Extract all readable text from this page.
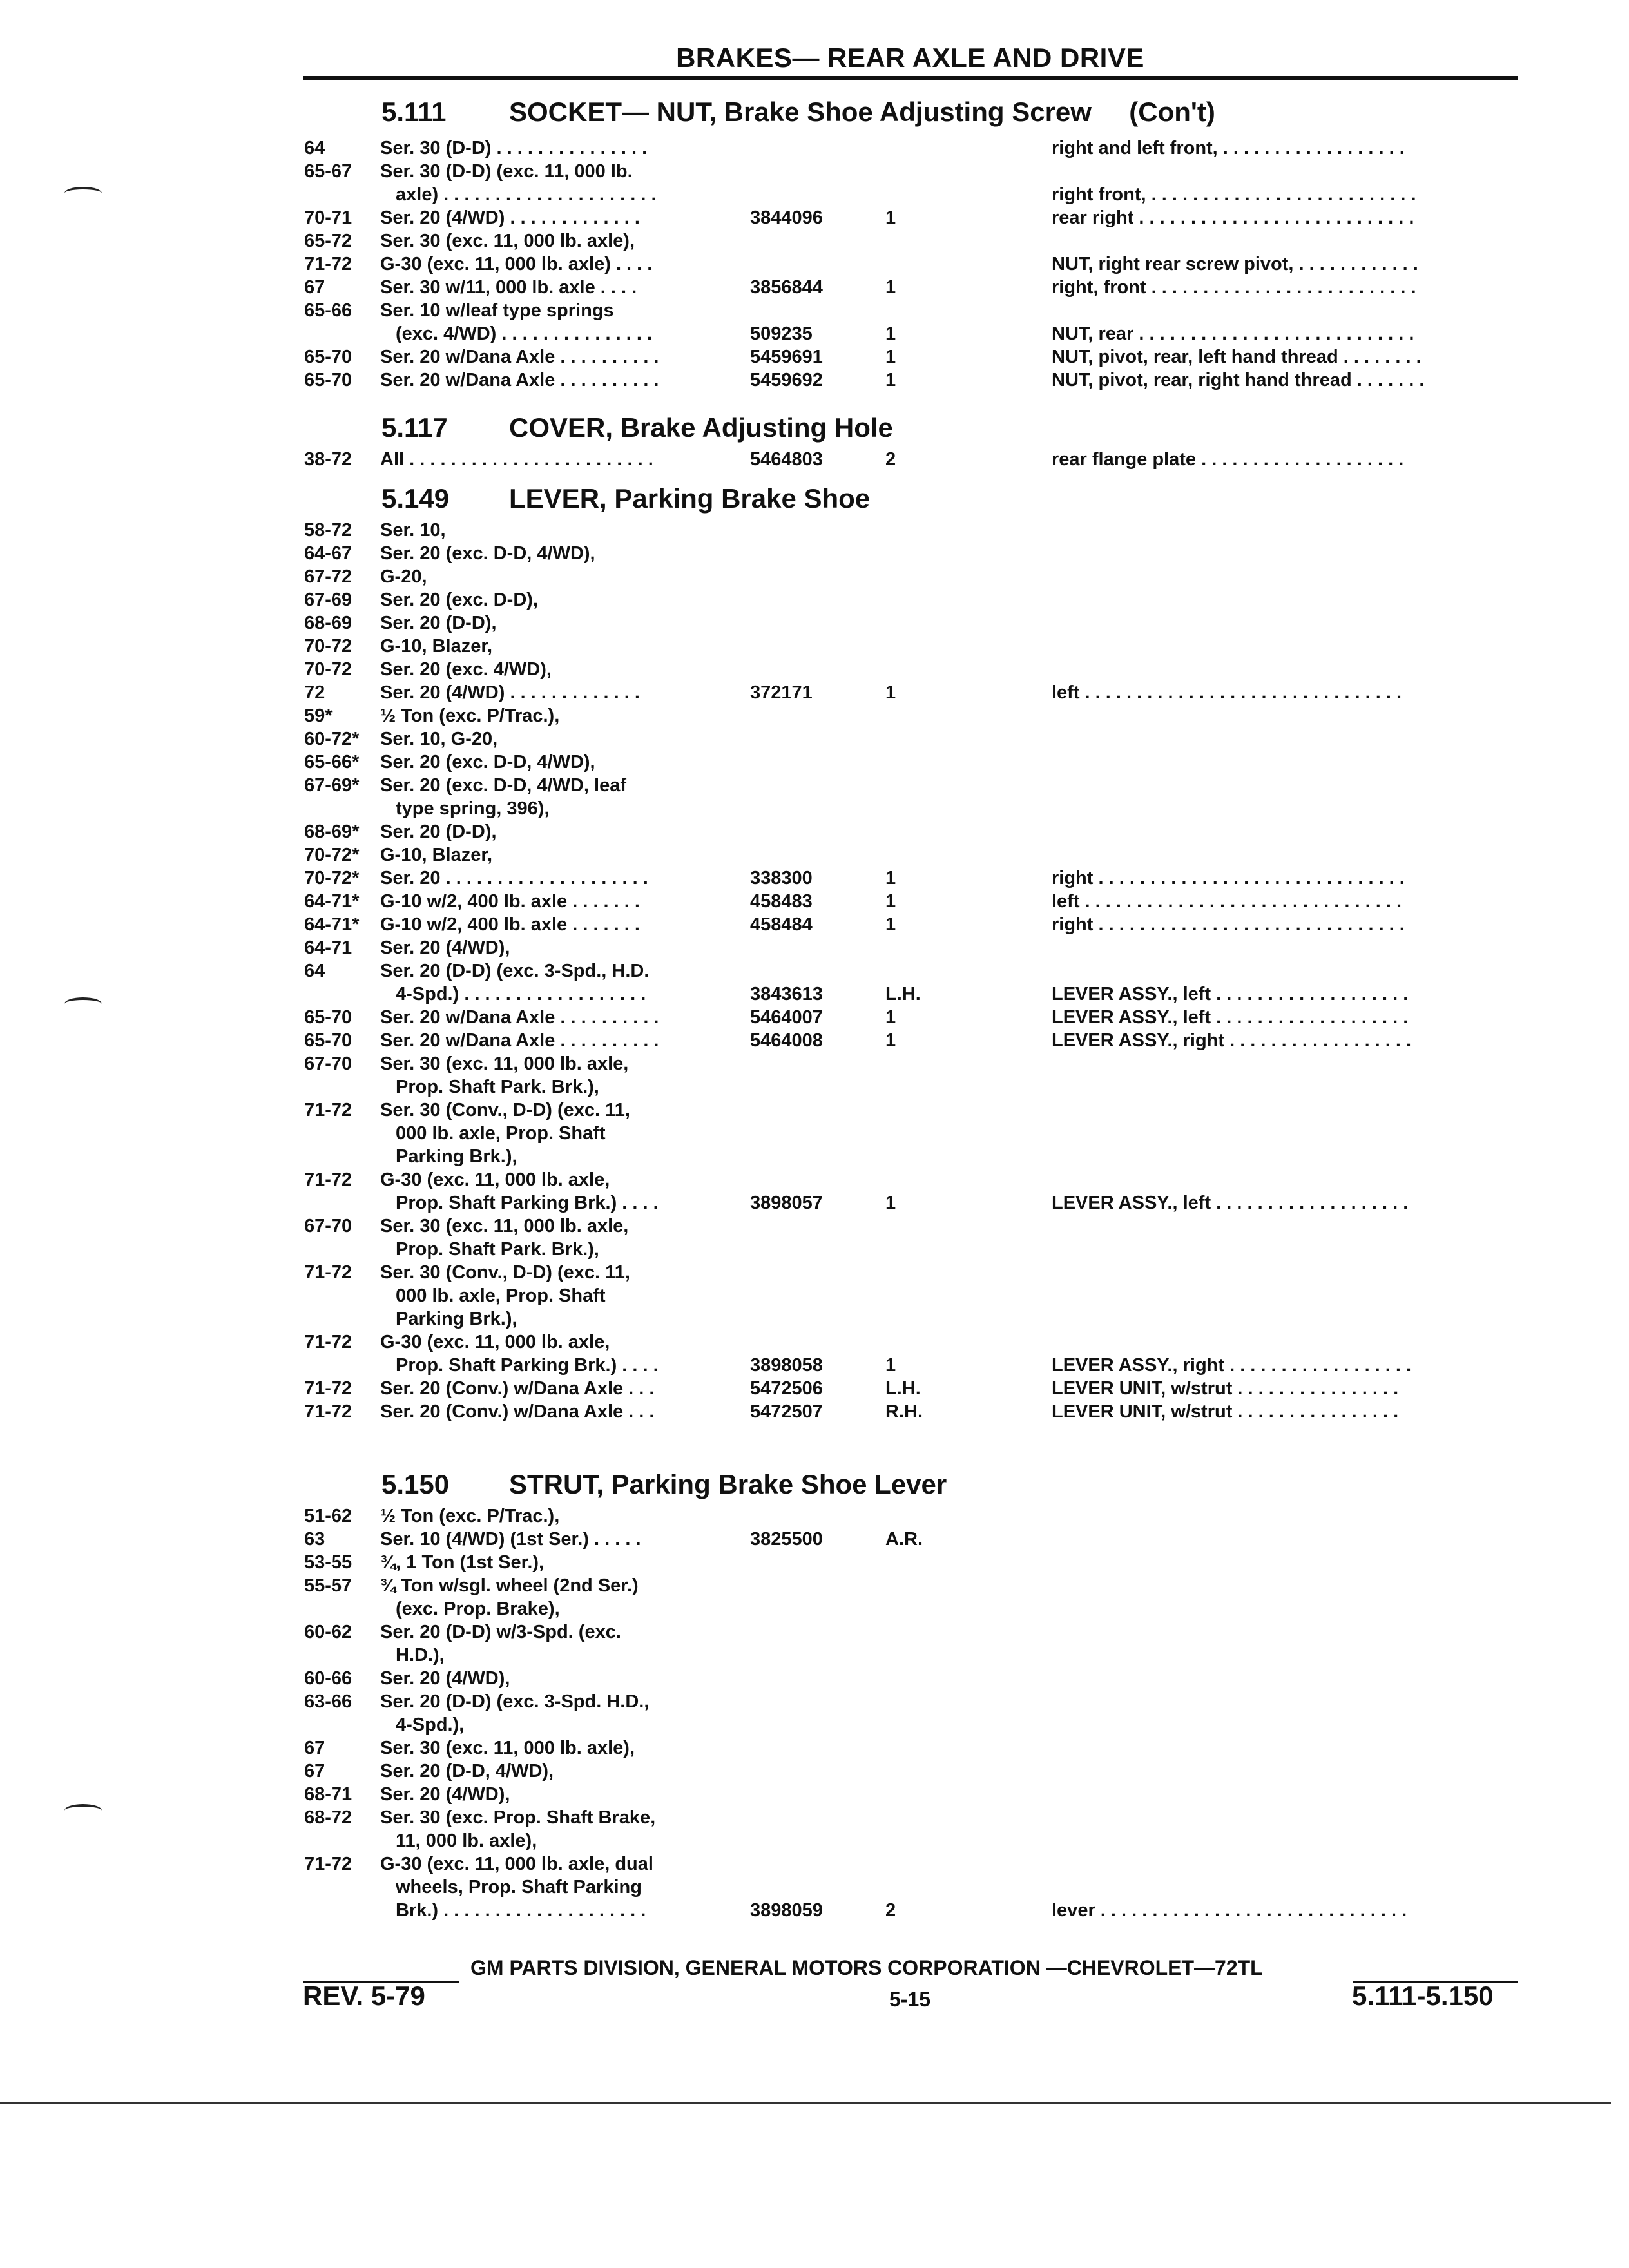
BRAKES— REAR AXLE AND DRIVE
5.111 SOCKET— NUT, Brake Shoe Adjusting Screw     (Con't)
5.117 COVER, Brake Adjusting Hole
5.149 LEVER, Parking Brake Shoe
5.150 STRUT, Parking Brake Shoe Lever
64	Ser. 30 (D-D) . . . . . . . . . . . . . . .	right and left front, . . . . . . . . . . . . . . . . . .
65-67 Ser. 30 (D-D) (exc. 11, 000 lb.
axle) . . . . . . . . . . . . . . . . . . . . .	right front, . . . . . . . . . . . . . . . . . . . . . . . . . .
70-71 Ser. 20 (4/WD) . . . . . . . . . . . . .	3844096	1	rear right . . . . . . . . . . . . . . . . . . . . . . . . . . .
65-72 Ser. 30 (exc. 11, 000 lb. axle),
71-72 G-30 (exc. 11, 000 lb. axle) . . . .	NUT, right rear screw pivot, . . . . . . . . . . . .
67	Ser. 30 w/11, 000 lb. axle . . . .	3856844	1	right, front . . . . . . . . . . . . . . . . . . . . . . . . . .
65-66 Ser. 10 w/leaf type springs
(exc. 4/WD) . . . . . . . . . . . . . . .	509235	1	NUT, rear . . . . . . . . . . . . . . . . . . . . . . . . . . .
65-70 Ser. 20 w/Dana Axle . . . . . . . . . .	5459691	1	NUT, pivot, rear, left hand thread . . . . . . . .
65-70 Ser. 20 w/Dana Axle . . . . . . . . . .	5459692	1	NUT, pivot, rear, right hand thread . . . . . . .
38-72 All . . . . . . . . . . . . . . . . . . . . . . . .	5464803	2	rear flange plate . . . . . . . . . . . . . . . . . . . .
58-72 Ser. 10,
64-67 Ser. 20 (exc. D-D, 4/WD),
67-72 G-20,
67-69 Ser. 20 (exc. D-D),
68-69 Ser. 20 (D-D),
70-72 G-10, Blazer,
70-72 Ser. 20 (exc. 4/WD),
72	Ser. 20 (4/WD) . . . . . . . . . . . . .	372171	1	left . . . . . . . . . . . . . . . . . . . . . . . . . . . . . . .
59*	½ Ton (exc. P/Trac.),
60-72* Ser. 10, G-20,
65-66* Ser. 20 (exc. D-D, 4/WD),
67-69* Ser. 20 (exc. D-D, 4/WD, leaf
type spring, 396),
68-69* Ser. 20 (D-D),
70-72* G-10, Blazer,
70-72* Ser. 20 . . . . . . . . . . . . . . . . . . . .	338300	1	right . . . . . . . . . . . . . . . . . . . . . . . . . . . . . .
64-71* G-10 w/2, 400 lb. axle . . . . . . .	458483	1	left . . . . . . . . . . . . . . . . . . . . . . . . . . . . . . .
64-71* G-10 w/2, 400 lb. axle . . . . . . .	458484	1	right . . . . . . . . . . . . . . . . . . . . . . . . . . . . . .
64-71 Ser. 20 (4/WD),
64	Ser. 20 (D-D) (exc. 3-Spd., H.D.
4-Spd.) . . . . . . . . . . . . . . . . . .	3843613	L.H.	LEVER ASSY., left . . . . . . . . . . . . . . . . . . .
65-70 Ser. 20 w/Dana Axle . . . . . . . . . .	5464007	1	LEVER ASSY., left . . . . . . . . . . . . . . . . . . .
65-70 Ser. 20 w/Dana Axle . . . . . . . . . .	5464008	1	LEVER ASSY., right . . . . . . . . . . . . . . . . . .
67-70 Ser. 30 (exc. 11, 000 lb. axle,
Prop. Shaft Park. Brk.),
71-72 Ser. 30 (Conv., D-D) (exc. 11,
000 lb. axle, Prop. Shaft
Parking Brk.),
71-72 G-30 (exc. 11, 000 lb. axle,
Prop. Shaft Parking Brk.) . . . .	3898057	1	LEVER ASSY., left . . . . . . . . . . . . . . . . . . .
67-70 Ser. 30 (exc. 11, 000 lb. axle,
Prop. Shaft Park. Brk.),
71-72 Ser. 30 (Conv., D-D) (exc. 11,
000 lb. axle, Prop. Shaft
Parking Brk.),
71-72 G-30 (exc. 11, 000 lb. axle,
Prop. Shaft Parking Brk.) . . . .	3898058	1	LEVER ASSY., right . . . . . . . . . . . . . . . . . .
71-72 Ser. 20 (Conv.) w/Dana Axle . . .	5472506	L.H.	LEVER UNIT, w/strut . . . . . . . . . . . . . . . .
71-72 Ser. 20 (Conv.) w/Dana Axle . . .	5472507	R.H.	LEVER UNIT, w/strut . . . . . . . . . . . . . . . .
51-62 ½ Ton (exc. P/Trac.),
63	Ser. 10 (4/WD) (1st Ser.) . . . . .	3825500	A.R.
53-55 ¾, 1 Ton (1st Ser.),
55-57 ¾ Ton w/sgl. wheel (2nd Ser.)
(exc. Prop. Brake),
60-62 Ser. 20 (D-D) w/3-Spd. (exc.
H.D.),
60-66 Ser. 20 (4/WD),
63-66 Ser. 20 (D-D) (exc. 3-Spd. H.D.,
4-Spd.),
67	Ser. 30 (exc. 11, 000 lb. axle),
67	Ser. 20 (D-D, 4/WD),
68-71 Ser. 20 (4/WD),
68-72 Ser. 30 (exc. Prop. Shaft Brake,
11, 000 lb. axle),
71-72 G-30 (exc. 11, 000 lb. axle, dual
wheels, Prop. Shaft Parking
Brk.) . . . . . . . . . . . . . . . . . . . .	3898059	2	lever . . . . . . . . . . . . . . . . . . . . . . . . . . . . . .
GM PARTS DIVISION, GENERAL MOTORS CORPORATION —CHEVROLET—72TL
REV. 5-79	5-15	5.111-5.150
